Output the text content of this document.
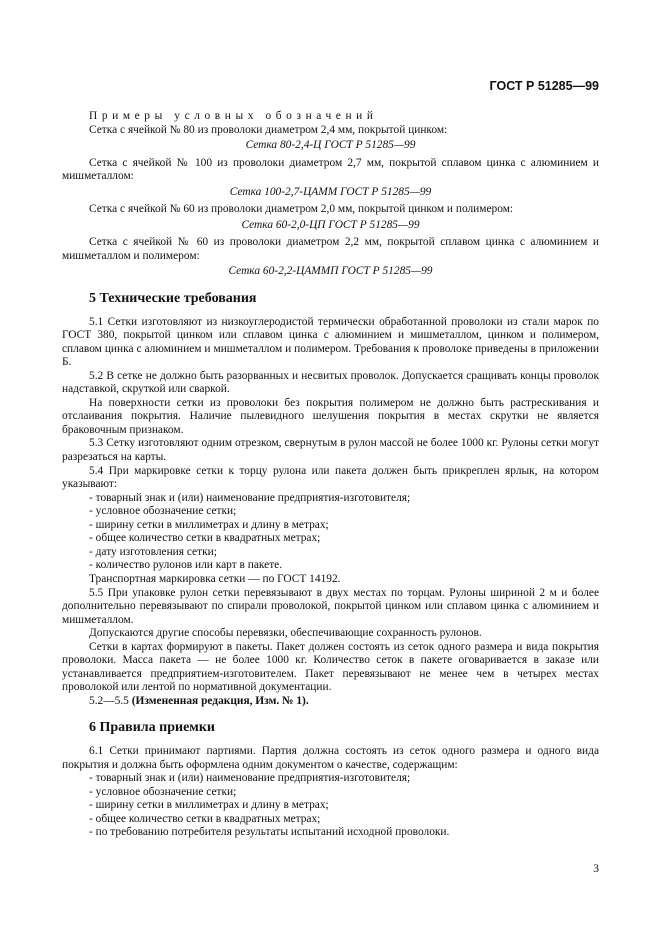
ГОСТ Р 51285—99

Примеры условных обозначений

Сетка с ячейкой № 80 из проволоки диаметром 2,4 мм, покрытой цинком:

Сетка 80-2,4-Ц ГОСТ Р 51285—99

Сетка с ячейкой № 100 из проволоки диаметром 2,7 мм, покрытой сплавом цинка с алюминием и мишметаллом:

Сетка 100-2,7-ЦАММ ГОСТ Р 51285—99

Сетка с ячейкой № 60 из проволоки диаметром 2,0 мм, покрытой цинком и полимером:

Сетка 60-2,0-ЦП ГОСТ Р 51285—99

Сетка с ячейкой № 60 из проволоки диаметром 2,2 мм, покрытой сплавом цинка с алюминием и мишметаллом и полимером:

Сетка 60-2,2-ЦАММП ГОСТ Р 51285—99

5 Технические требования

5.1 Сетки изготовляют из низкоуглеродистой термически обработанной проволоки из стали марок по ГОСТ 380, покрытой цинком или сплавом цинка с алюминием и мишметаллом, цинком и полимером, сплавом цинка с алюминием и мишметаллом и полимером. Требования к проволоке приведены в приложении Б.

5.2 В сетке не должно быть разорванных и несвитых проволок. Допускается сращивать концы проволок надставкой, скруткой или сваркой.

На поверхности сетки из проволоки без покрытия полимером не должно быть растрескивания и отслаивания покрытия. Наличие пылевидного шелушения покрытия в местах скрутки не является браковочным признаком.

5.3 Сетку изготовляют одним отрезком, свернутым в рулон массой не более 1000 кг. Рулоны сетки могут разрезаться на карты.

5.4 При маркировке сетки к торцу рулона или пакета должен быть прикреплен ярлык, на котором указывают:

- товарный знак и (или) наименование предприятия-изготовителя;
- условное обозначение сетки;
- ширину сетки в миллиметрах и длину в метрах;
- общее количество сетки в квадратных метрах;
- дату изготовления сетки;
- количество рулонов или карт в пакете.

Транспортная маркировка сетки — по ГОСТ 14192.

5.5 При упаковке рулон сетки перевязывают в двух местах по торцам. Рулоны шириной 2 м и более дополнительно перевязывают по спирали проволокой, покрытой цинком или сплавом цинка с алюминием и мишметаллом.

Допускаются другие способы перевязки, обеспечивающие сохранность рулонов.

Сетки в картах формируют в пакеты. Пакет должен состоять из сеток одного размера и вида покрытия проволоки. Масса пакета — не более 1000 кг. Количество сеток в пакете оговаривается в заказе или устанавливается предприятием-изготовителем. Пакет перевязывают не менее чем в четырех местах проволокой или лентой по нормативной документации.

5.2—5.5 (Измененная редакция, Изм. № 1).

6 Правила приемки

6.1 Сетки принимают партиями. Партия должна состоять из сеток одного размера и одного вида покрытия и должна быть оформлена одним документом о качестве, содержащим:

- товарный знак и (или) наименование предприятия-изготовителя;
- условное обозначение сетки;
- ширину сетки в миллиметрах и длину в метрах;
- общее количество сетки в квадратных метрах;
- по требованию потребителя результаты испытаний исходной проволоки.
3
